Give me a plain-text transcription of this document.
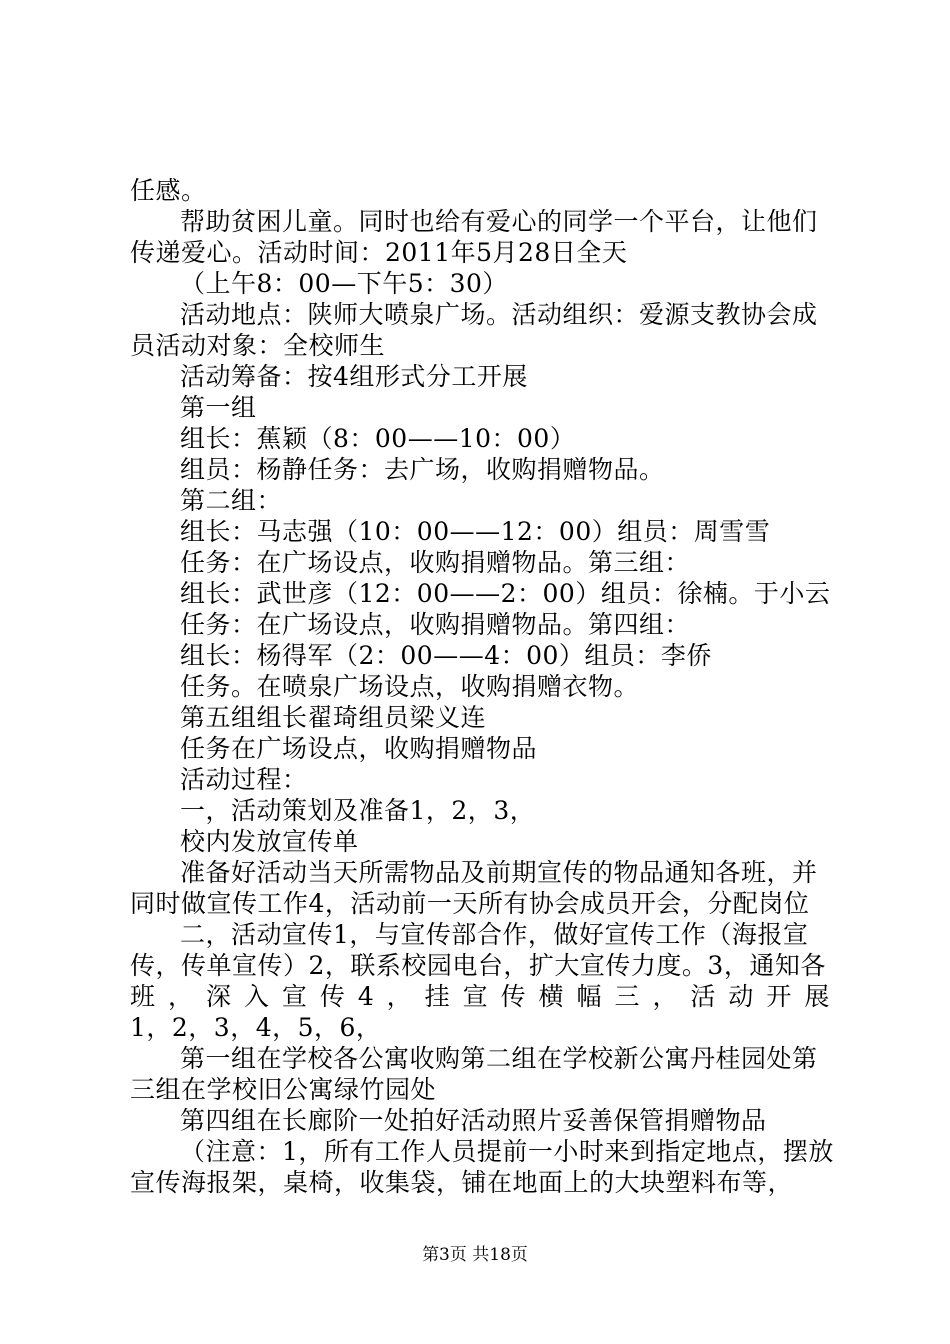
任感。
帮助贫困儿童。同时也给有爱心的同学一个平台，让他们
传递爱心。活动时间：2011年5月28日全天
（上午8：00—下午5：30）
活动地点：陕师大喷泉广场。活动组织：爱源支教协会成
员活动对象：全校师生
活动筹备：按4组形式分工开展
第一组
组长：蕉颖（8：00——10：00）
组员：杨静任务：去广场，收购捐赠物品。
第二组：
组长：马志强（10：00——12：00）组员：周雪雪
任务：在广场设点，收购捐赠物品。第三组：
组长：武世彦（12：00——2：00）组员：徐楠。于小云
任务：在广场设点，收购捐赠物品。第四组：
组长：杨得军（2：00——4：00）组员：李侨
任务。在喷泉广场设点，收购捐赠衣物。
第五组组长翟琦组员梁义连
任务在广场设点，收购捐赠物品
活动过程：
一，活动策划及准备1，2，3，
校内发放宣传单
准备好活动当天所需物品及前期宣传的物品通知各班，并
同时做宣传工作4，活动前一天所有协会成员开会，分配岗位
二，活动宣传1，与宣传部合作，做好宣传工作（海报宣
传，传单宣传）2，联系校园电台，扩大宣传力度。3，通知各
班 ， 深 入 宣 传 4 ， 挂 宣 传 横 幅 三 ， 活 动 开 展
1，2，3，4，5，6，
第一组在学校各公寓收购第二组在学校新公寓丹桂园处第
三组在学校旧公寓绿竹园处
第四组在长廊阶一处拍好活动照片妥善保管捐赠物品
（注意：1，所有工作人员提前一小时来到指定地点，摆放
宣传海报架，桌椅，收集袋，铺在地面上的大块塑料布等，
第3页 共18页
